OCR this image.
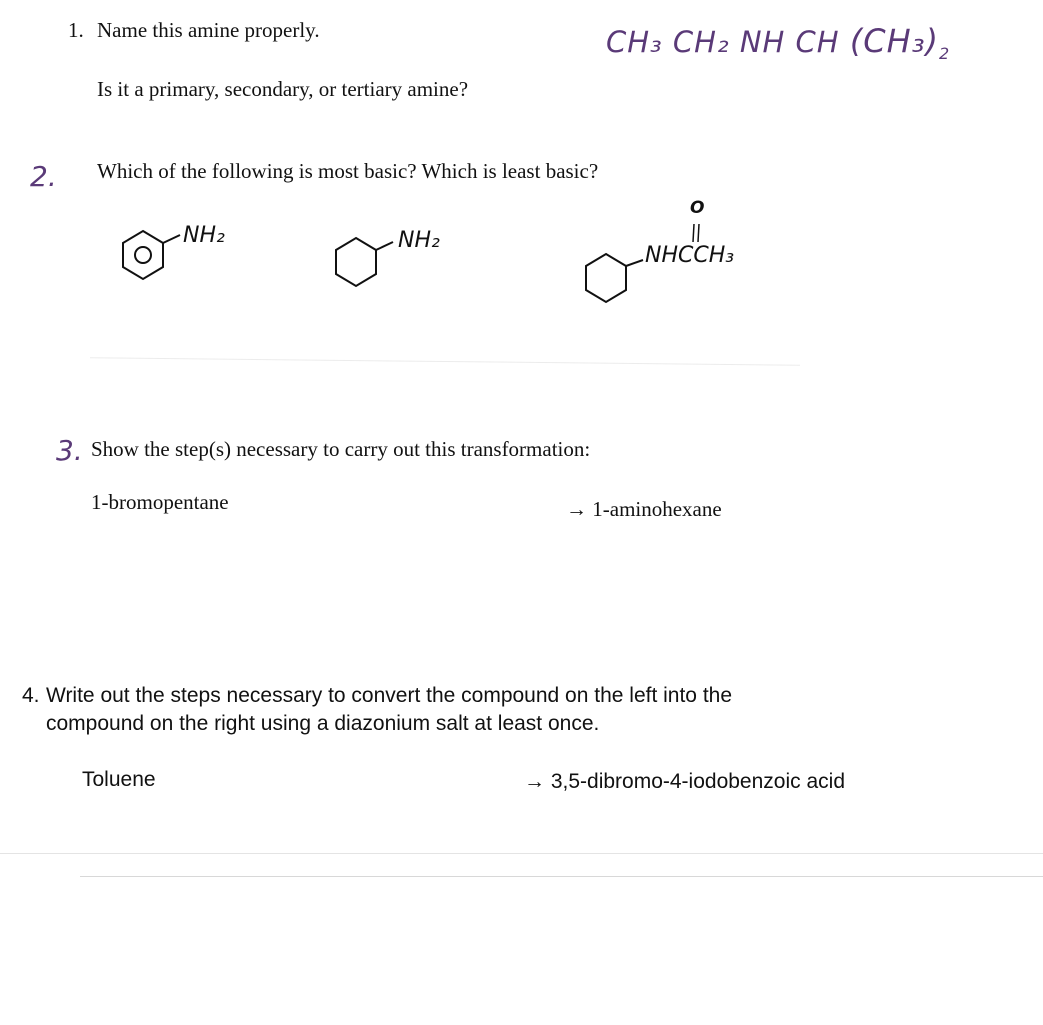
1. Name this amine properly.
Is it a primary, secondary, or tertiary amine?
CH₃ CH₂ NH CH $(CH_3)_2$
2. Which of the following is most basic? Which is least basic?
NH₂	NH₂
O
NHCCH₃
3. Show the step(s) necessary to carry out this transformation:
1-bromopentane	→ 1-aminohexane
4. Write out the steps necessary to convert the compound on the left into the
compound on the right using a diazonium salt at least once.
Toluene	→ 3,5-dibromo-4-iodobenzoic acid
